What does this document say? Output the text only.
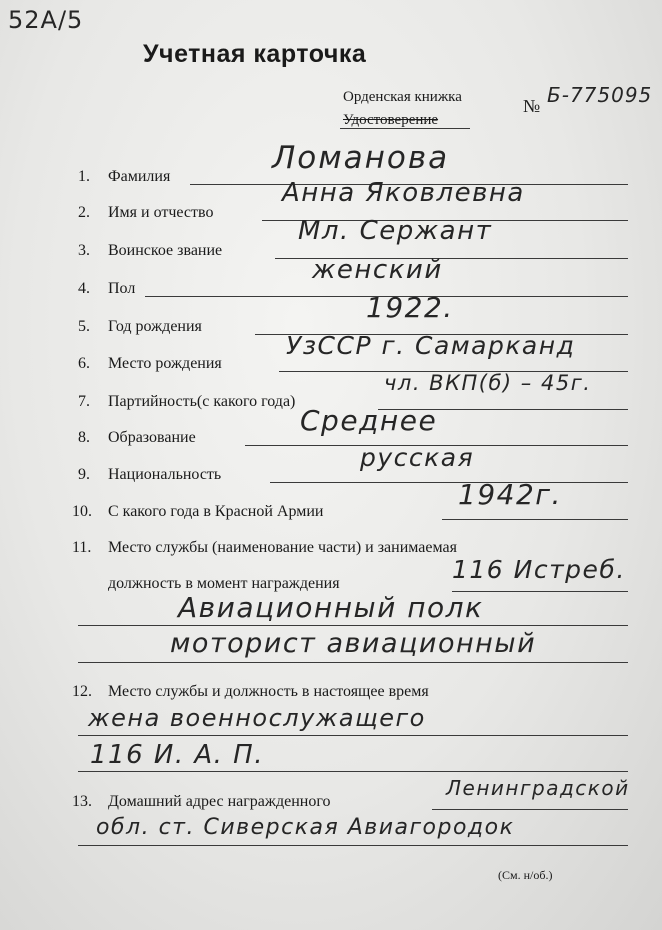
52А/5
Учетная карточка
Орденская книжка
Удостоверение
№ Б-775095
1. Фамилия
Ломанова
2. Имя и отчество
Анна Яковлевна
3. Воинское звание
Мл. Сержант
4. Пол
женский
5. Год рождения
1922.
6. Место рождения
УзССР г. Самарканд
7. Партийность(с какого года)
чл. ВКП(б) – 45г.
8. Образование
Среднее
9. Национальность
русская
10. С какого года в Красной Армии
1942г.
11. Место службы (наименование части) и занимаемая
должность в момент награждения	116 Истреб.
Авиационный полк
моторист авиационный
12. Место службы и должность в настоящее время
жена военнослужащего
116 И. А. П.
13. Домашний адрес награжденного
Ленинградской
обл. ст. Сиверская Авиагородок
(См. н/об.)
